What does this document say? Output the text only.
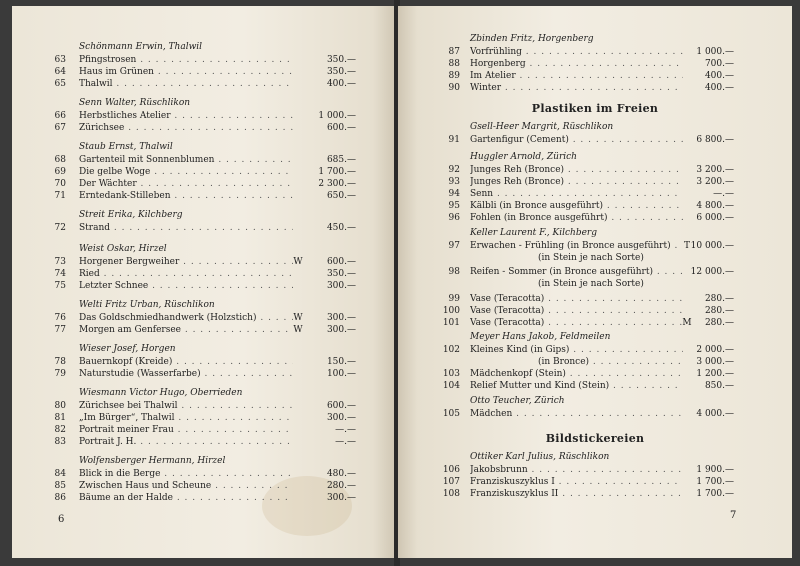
Schönmann Erwin, Thalwil
63 Pfingstrosen . .	350.—
64 Haus im Grünen . .	350.—
65 Thalwil . .	400.—
Senn Walter, Rüschlikon
66 Herbstliches Atelier . .	1 000.—
67 Zürichsee . .	600.—
Staub Ernst, Thalwil
68 Gartenteil mit Sonnenblumen . .	685.—
69 Die gelbe Woge . .	1 700.—
70 Der Wächter . .	2 300.—
71 Erntedank-Stilleben . .	650.—
Streit Erika, Kilchberg
72 Strand . .	450.—
Weist Oskar, Hirzel
73 Horgener Bergweiher . .	W	600.—
74 Ried . .	350.—
75 Letzter Schnee . .	300.—
Welti Fritz Urban, Rüschlikon
76 Das Goldschmiedhandwerk (Holzstich) . .	W	300.—
77 Morgen am Genfersee . .	W	300.—
Wieser Josef, Horgen
78 Bauernkopf (Kreide) . .	150.—
79 Naturstudie (Wasserfarbe) . .	100.—
Wiesmann Victor Hugo, Oberrieden
80 Zürichsee bei Thalwil . .	600.—
81 „Im Bürger“, Thalwil . .	300.—
82 Portrait meiner Frau . .	—.—
83 Portrait J. H. . .	—.—
Wolfensberger Hermann, Hirzel
84 Blick in die Berge . .	480.—
85 Zwischen Haus und Scheune . .	280.—
86 Bäume an der Halde . .	300.—
6
Zbinden Fritz, Horgenberg
87 Vorfrühling . .	1 000.—
88 Horgenberg . .	700.—
89 Im Atelier . .	400.—
90 Winter . .	400.—
Plastiken im Freien
Gsell-Heer Margrit, Rüschlikon
91 Gartenfigur (Cement) . .	6 800.—
Huggler Arnold, Zürich
92 Junges Reh (Bronce) . .	3 200.—
93 Junges Reh (Bronce) . .	3 200.—
94 Senn . .	—.—
95 Kälbli (in Bronce ausgeführt) . .	4 800.—
96 Fohlen (in Bronce ausgeführt) . .	6 000.—
Keller Laurent F., Kilchberg
97 Erwachen - Frühling (in Bronce ausgeführt) . .	T 10 000.—
(in Stein je nach Sorte)
98 Reifen - Sommer (in Bronce ausgeführt) . .	12 000.—
(in Stein je nach Sorte)
99 Vase (Teracotta) . .	280.—
100 Vase (Teracotta) . .	280.—
101 Vase (Teracotta) . .	M	280.—
Meyer Hans Jakob, Feldmeilen
102 Kleines Kind (in Gips) . .	2 000.—
(in Bronce) . .	3 000.—
103 Mädchenkopf (Stein) . .	1 200.—
104 Relief Mutter und Kind (Stein) . .	850.—
Otto Teucher, Zürich
105 Mädchen . .	4 000.—
Bildstickereien
Ottiker Karl Julius, Rüschlikon
106 Jakobsbrunn . .	1 900.—
107 Franziskuszyklus I . .	1 700.—
108 Franziskuszyklus II . .	1 700.—
7
